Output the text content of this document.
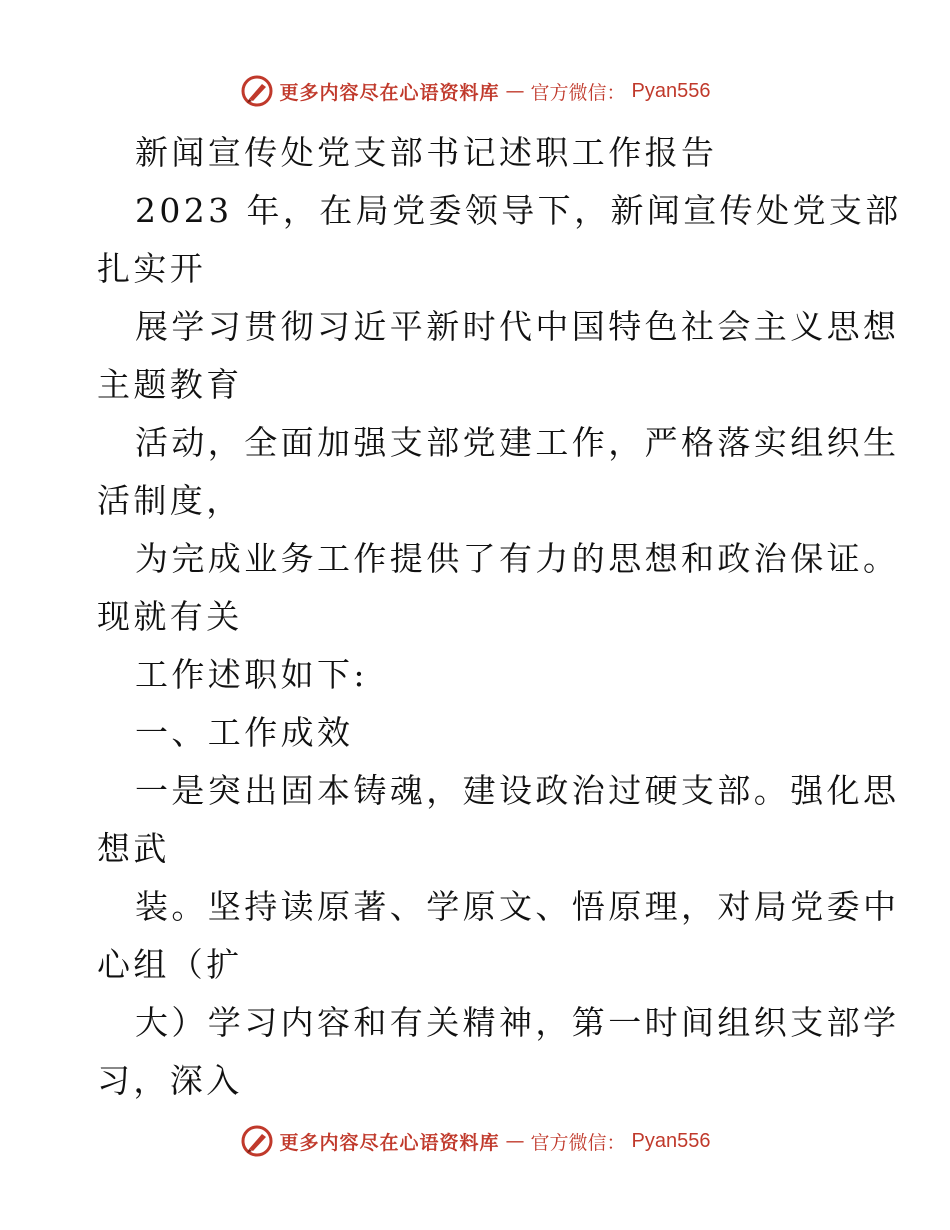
更多内容尽在心语资料库 — 官方微信： Pyan556
新闻宣传处党支部书记述职工作报告
2023 年，在局党委领导下，新闻宣传处党支部
扎实开
展学习贯彻习近平新时代中国特色社会主义思想
主题教育
活动，全面加强支部党建工作，严格落实组织生
活制度，
为完成业务工作提供了有力的思想和政治保证。
现就有关
工作述职如下:
一、工作成效
一是突出固本铸魂，建设政治过硬支部。强化思
想武
装。坚持读原著、学原文、悟原理，对局党委中
心组（扩
大）学习内容和有关精神，第一时间组织支部学
习，深入
更多内容尽在心语资料库 — 官方微信： Pyan556
